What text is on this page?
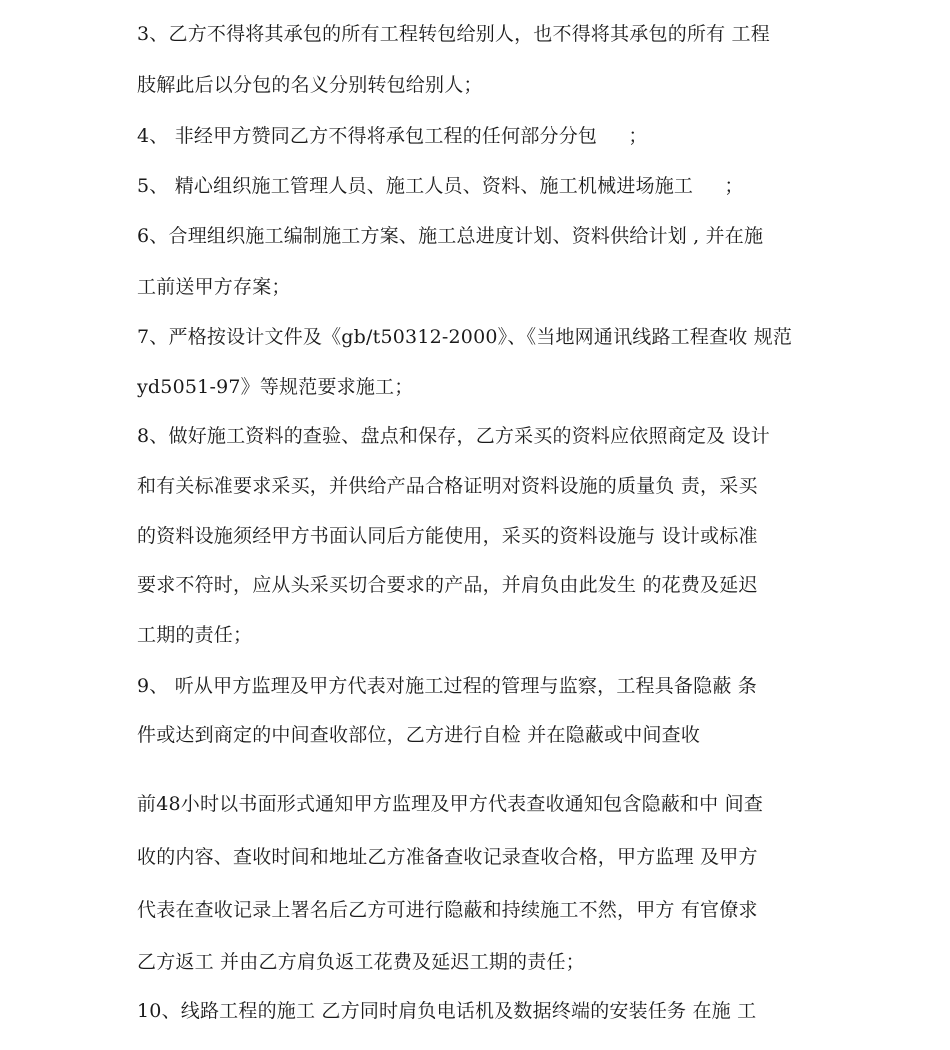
3、乙方不得将其承包的所有工程转包给别人，也不得将其承包的所有 工程
肢解此后以分包的名义分别转包给别人；
4、 非经甲方赞同乙方不得将承包工程的任何部分分包     ；
5、 精心组织施工管理人员、施工人员、资料、施工机械进场施工     ；
6、合理组织施工编制施工方案、施工总进度计划、资料供给计划 , 并在施
工前送甲方存案；
7、严格按设计文件及《gb/t50312-2000》、《当地网通讯线路工程查收 规范
yd5051-97》等规范要求施工；
8、做好施工资料的查验、盘点和保存，乙方采买的资料应依照商定及 设计
和有关标准要求采买，并供给产品合格证明对资料设施的质量负 责，采买
的资料设施须经甲方书面认同后方能使用，采买的资料设施与 设计或标准
要求不符时，应从头采买切合要求的产品，并肩负由此发生 的花费及延迟
工期的责任；
9、 听从甲方监理及甲方代表对施工过程的管理与监察，工程具备隐蔽 条
件或达到商定的中间查收部位，乙方进行自检 并在隐蔽或中间查收
前48小时以书面形式通知甲方监理及甲方代表查收通知包含隐蔽和中 间查
收的内容、查收时间和地址乙方准备查收记录查收合格，甲方监理 及甲方
代表在查收记录上署名后乙方可进行隐蔽和持续施工不然，甲方 有官僚求
乙方返工 并由乙方肩负返工花费及延迟工期的责任；
10、线路工程的施工 乙方同时肩负电话机及数据终端的安装任务 在施 工
